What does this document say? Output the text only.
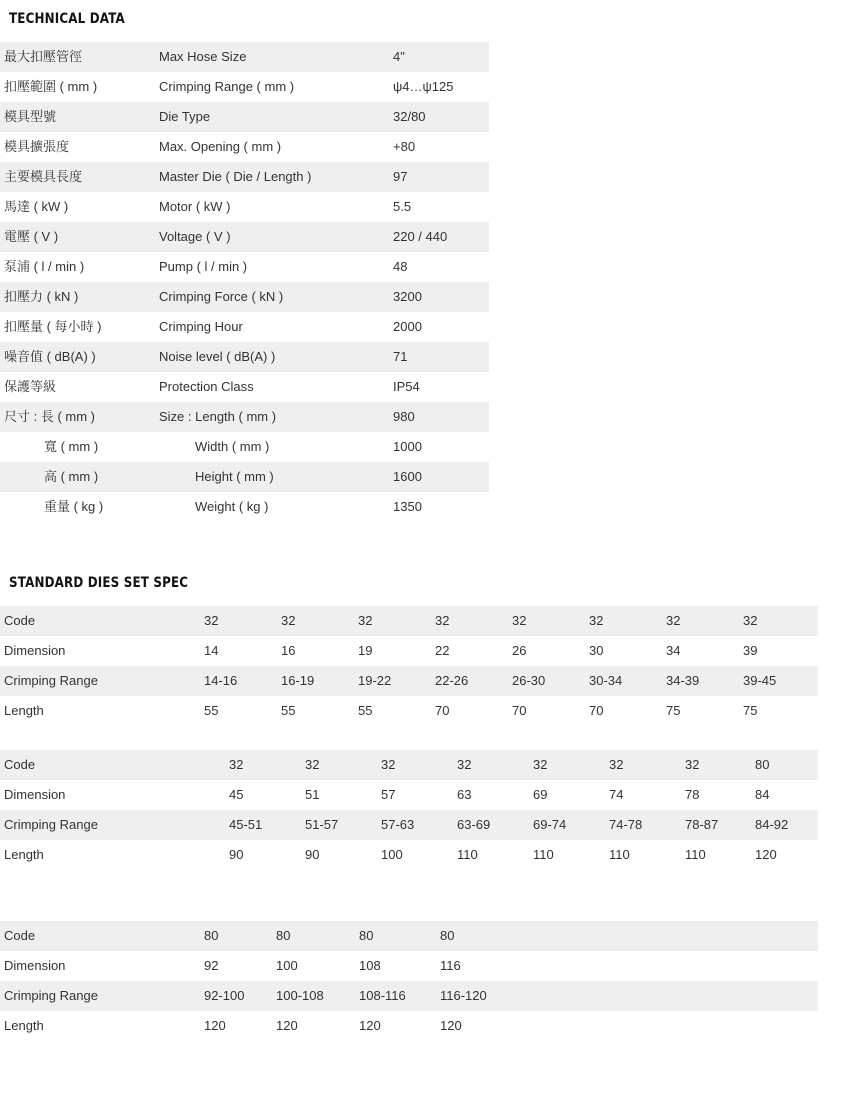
TECHNICAL DATA
最大扣壓管徑	Max Hose Size	4"
扣壓範圍 ( mm )	Crimping Range ( mm )	ψ4…ψ125
模具型號	Die Type	32/80
模具擴張度	Max. Opening ( mm )	+80
主要模具長度	Master Die ( Die / Length )	97
馬達 ( kW )	Motor ( kW )	5.5
電壓 ( V )	Voltage ( V )	220 / 440
泵浦 ( l / min )	Pump ( l / min )	48
扣壓力 ( kN )	Crimping Force ( kN )	3200
扣壓量 ( 每小時 )	Crimping Hour	2000
噪音值 ( dB(A) )	Noise level ( dB(A) )	71
保護等級	Protection Class	IP54
尺寸 : 長 ( mm )	Size : Length ( mm )	980
寬 ( mm )	Width ( mm )	1000
高 ( mm )	Height ( mm )	1600
重量 ( kg )	Weight ( kg )	1350
STANDARD DIES SET SPEC
Code	32	32	32	32	32	32	32	32
Dimension	14	16	19	22	26	30	34	39
Crimping Range	14-16	16-19	19-22	22-26	26-30	30-34	34-39	39-45
Length	55	55	55	70	70	70	75	75
Code	32	32	32	32	32	32	32	80
Dimension	45	51	57	63	69	74	78	84
Crimping Range	45-51	51-57	57-63	63-69	69-74	74-78	78-87	84-92
Length	90	90	100	110	110	110	110	120
Code	80	80	80	80	
Dimension	92	100	108	116	
Crimping Range	92-100	100-108	108-116	116-120	
Length	120	120	120	120	
